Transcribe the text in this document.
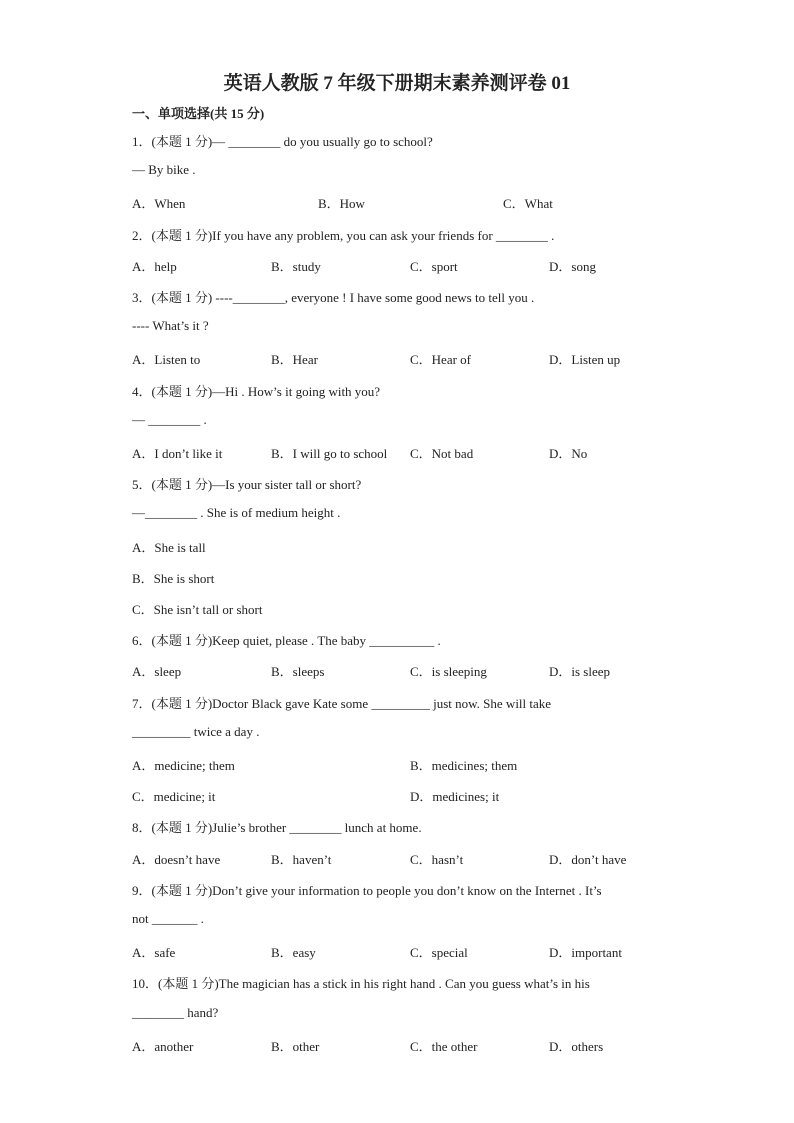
英语人教版 7 年级下册期末素养测评卷 01
一、单项选择(共 15 分)
1．(本题 1 分)— ________ do you usually go to school?
— By bike .
A．When	B．How	C．What
2．(本题 1 分)If you have any problem, you can ask your friends for ________ .
A．help	B．study	C．sport	D．song
3．(本题 1 分) ----________, everyone ! I have some good news to tell you .
---- What’s it ?
A．Listen to	B．Hear	C．Hear of	D．Listen up
4．(本题 1 分)—Hi . How’s it going with you?
— ________ .
A．I don’t like it	B．I will go to school C．Not bad	D．No
5．(本题 1 分)—Is your sister tall or short?
—________ . She is of medium height .
A．She is tall
B．She is short
C．She isn’t tall or short
6．(本题 1 分)Keep quiet, please . The baby __________ .
A．sleep	B．sleeps	C．is sleeping	D．is sleep
7．(本题 1 分)Doctor Black gave Kate some _________ just now. She will take
_________ twice a day .
A．medicine; them	B．medicines; them
C．medicine; it	D．medicines; it
8．(本题 1 分)Julie’s brother ________ lunch at home.
A．doesn’t have	B．haven’t	C．hasn’t	D．don’t have
9．(本题 1 分)Don’t give your information to people you don’t know on the Internet . It’s
not _______ .
A．safe	B．easy	C．special	D．important
10．(本题 1 分)The magician has a stick in his right hand . Can you guess what’s in his
________ hand?
A．another	B．other	C．the other	D．others
